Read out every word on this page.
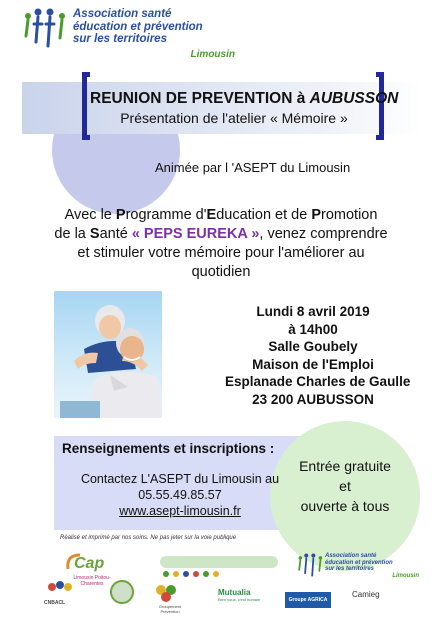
Association santé
éducation et prévention
sur les territoires
Limousin
REUNION DE PREVENTION à AUBUSSON
Présentation de l'atelier « Mémoire »
Animée par l 'ASEPT du Limousin
Avec le Programme d'Education et de Promotion
de la Santé « PEPS EUREKA », venez comprendre
et stimuler votre mémoire pour l'améliorer au
quotidien
Lundi 8 avril 2019
à 14h00
Salle Goubely
Maison de l'Emploi
Esplanade Charles de Gaulle
23 200 AUBUSSON
Renseignements et inscriptions :
Contactez L'ASEPT du Limousin au
05.55.49.85.57
www.asept-limousin.fr
Entrée gratuite
et
ouverte à tous
Réalisé et imprimé par nos soins. Ne pas jeter sur la voie publique
Cap
Limousin Poitou-Charentes
Association santé
éducation et prévention
sur les territoires
Limousin
CNBACL
Groupement Prévention
Mutualia
Bien vous, c'est humain	Groupe AGRICA
Camieg
